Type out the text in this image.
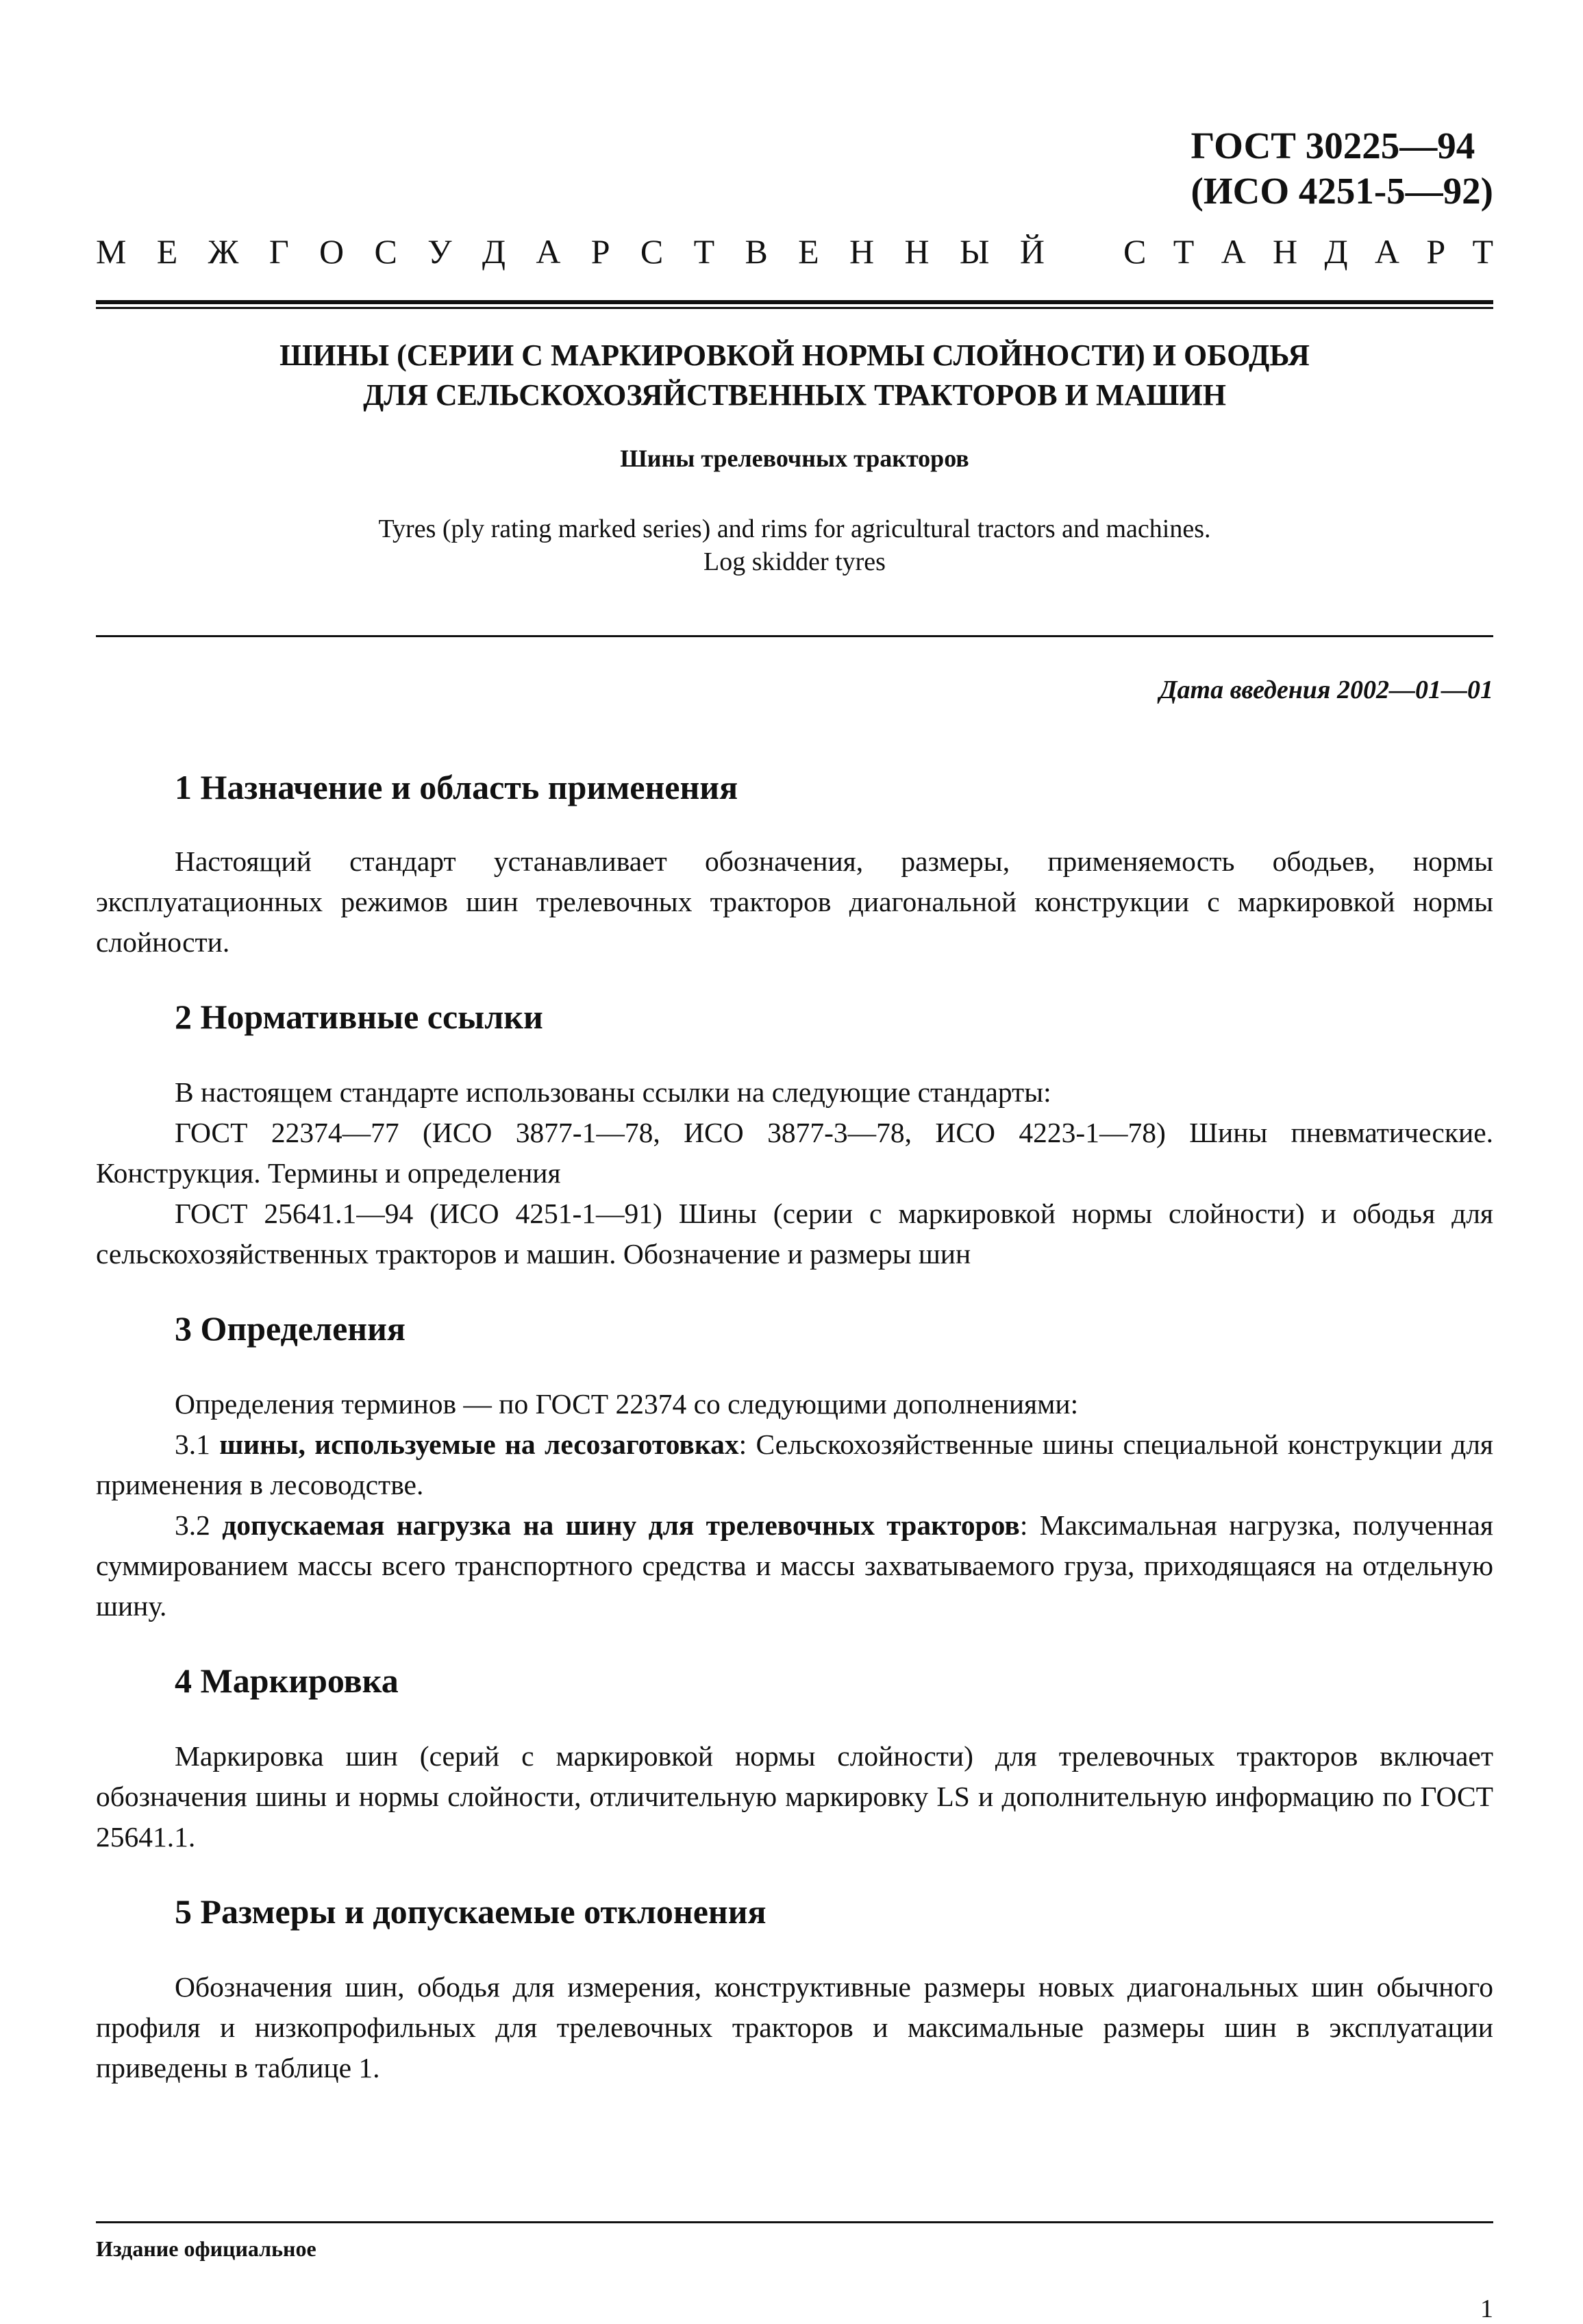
ГОСТ 30225—94
(ИСО 4251-5—92)
М Е Ж Г О С У Д А Р С Т В Е Н Н Ы Й С Т А Н Д А Р Т
ШИНЫ (СЕРИИ С МАРКИРОВКОЙ НОРМЫ СЛОЙНОСТИ) И ОБОДЬЯ
ДЛЯ СЕЛЬСКОХОЗЯЙСТВЕННЫХ ТРАКТОРОВ И МАШИН
Шины трелевочных тракторов
Tyres (ply rating marked series) and rims for agricultural tractors and machines.
Log skidder tyres
Дата введения 2002—01—01
1 Назначение и область применения

Настоящий стандарт устанавливает обозначения, размеры, применяемость ободьев, нормы эксплуатационных режимов шин трелевочных тракторов диагональной конструкции с маркировкой нормы слойности.

2 Нормативные ссылки

В настоящем стандарте использованы ссылки на следующие стандарты:

ГОСТ 22374—77 (ИСО 3877-1—78, ИСО 3877-3—78, ИСО 4223-1—78) Шины пневматические. Конструкция. Термины и определения

ГОСТ 25641.1—94 (ИСО 4251-1—91) Шины (серии с маркировкой нормы слойности) и ободья для сельскохозяйственных тракторов и машин. Обозначение и размеры шин

3 Определения

Определения терминов — по ГОСТ 22374 со следующими дополнениями:

3.1 шины, используемые на лесозаготовках: Сельскохозяйственные шины специальной конструкции для применения в лесоводстве.

3.2 допускаемая нагрузка на шину для трелевочных тракторов: Максимальная нагрузка, полученная суммированием массы всего транспортного средства и массы захватываемого груза, приходящаяся на отдельную шину.

4 Маркировка

Маркировка шин (серий с маркировкой нормы слойности) для трелевочных тракторов включает обозначения шины и нормы слойности, отличительную маркировку LS и дополнительную информацию по ГОСТ 25641.1.

5 Размеры и допускаемые отклонения

Обозначения шин, ободья для измерения, конструктивные размеры новых диагональных шин обычного профиля и низкопрофильных для трелевочных тракторов и максимальные размеры шин в эксплуатации приведены в таблице 1.

Издание официальное
1
